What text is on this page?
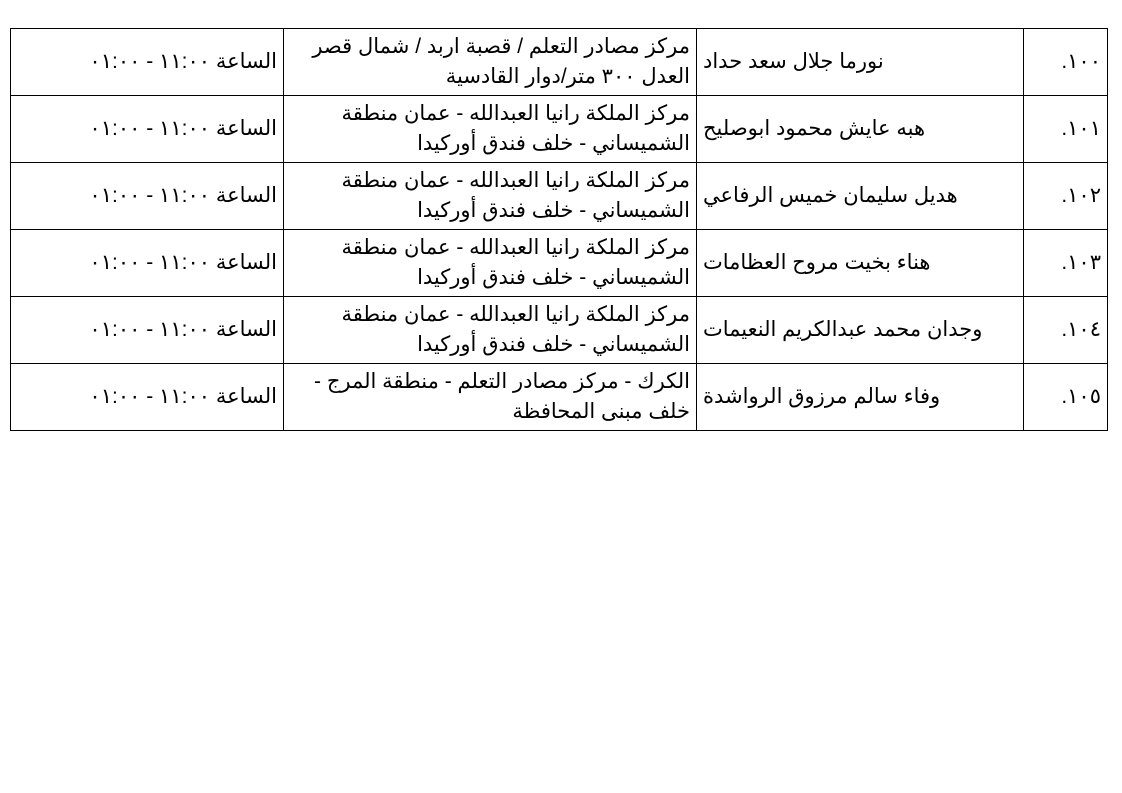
١٠٠.	نورما جلال سعد حداد	مركز مصادر التعلم / قصبة اربد / شمال قصر العدل ٣٠٠ متر/دوار القادسية	الساعة ١١:٠٠ - ٠١:٠٠
١٠١.	هبه عايش محمود ابوصليح	مركز الملكة رانيا العبدالله - عمان منطقة الشميساني - خلف فندق أوركيدا	الساعة ١١:٠٠ - ٠١:٠٠
١٠٢.	هديل سليمان خميس الرفاعي	مركز الملكة رانيا العبدالله - عمان منطقة الشميساني - خلف فندق أوركيدا	الساعة ١١:٠٠ - ٠١:٠٠
١٠٣.	هناء بخيت مروح العظامات	مركز الملكة رانيا العبدالله - عمان منطقة الشميساني - خلف فندق أوركيدا	الساعة ١١:٠٠ - ٠١:٠٠
١٠٤.	وجدان محمد عبدالكريم النعيمات	مركز الملكة رانيا العبدالله - عمان منطقة الشميساني - خلف فندق أوركيدا	الساعة ١١:٠٠ - ٠١:٠٠
١٠٥.	وفاء سالم مرزوق الرواشدة	الكرك - مركز مصادر التعلم - منطقة المرج - خلف مبنى المحافظة	الساعة ١١:٠٠ - ٠١:٠٠
